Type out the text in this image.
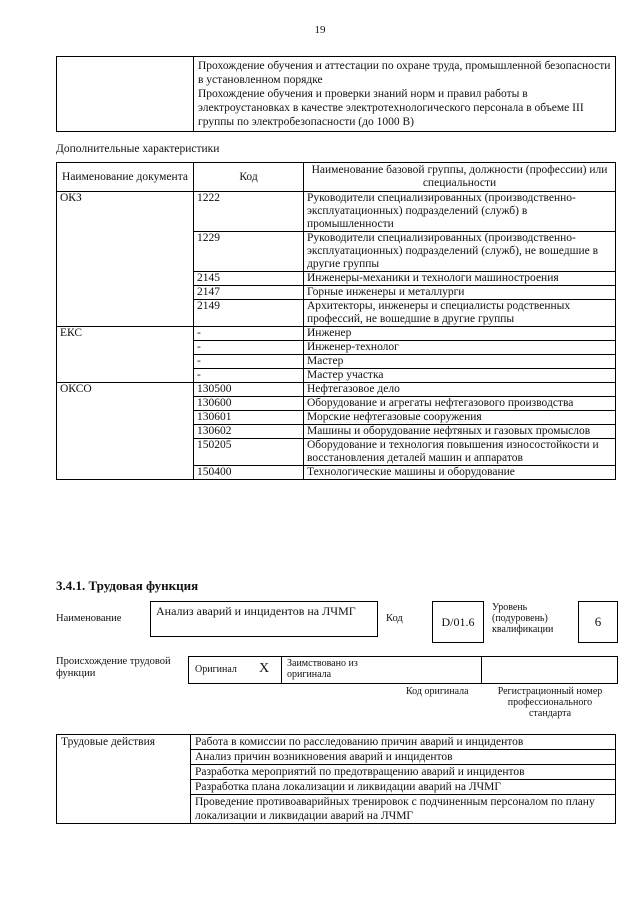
19

Прохождение обучения и аттестации по охране труда, промышленной безопасности в установленном порядке
Прохождение обучения и проверки знаний норм и правил работы в электроустановках в качестве электротехнологического персонала в объеме III группы по электробезопасности (до 1000 В)
Дополнительные характеристики
Наименование документа	Код	Наименование базовой группы, должности (профессии) или специальности
ОКЗ	1222	Руководители специализированных (производственно-эксплуатационных) подразделений (служб) в промышленности
	1229	Руководители специализированных (производственно-эксплуатационных) подразделений (служб), не вошедшие в другие группы
	2145	Инженеры-механики и технологи машиностроения
	2147	Горные инженеры и металлурги
	2149	Архитекторы, инженеры и специалисты родственных профессий, не вошедшие в другие группы
ЕКС	-	Инженер
	-	Инженер-технолог
	-	Мастер
	-	Мастер участка
ОКСО	130500	Нефтегазовое дело
	130600	Оборудование и агрегаты нефтегазового производства
	130601	Морские нефтегазовые сооружения
	130602	Машины и оборудование нефтяных и газовых промыслов
	150205	Оборудование и технология повышения износостойкости и восстановления деталей машин и аппаратов
	150400	Технологические машины и оборудование
3.4.1. Трудовая функция
Наименование
Анализ аварий и инцидентов на ЛЧМГ
Код	D/01.6
Уровень (подуровень) квалификации
6
Происхождение трудовой функции	Оригинал X Заимствовано из оригинала
Код оригинала	Регистрационный номер профессионального стандарта
Трудовые действия	Работа в комиссии по расследованию причин аварий и инцидентов
Анализ причин возникновения аварий и инцидентов
Разработка мероприятий по предотвращению аварий и инцидентов
Разработка плана локализации и ликвидации аварий на ЛЧМГ
Проведение противоаварийных тренировок с подчиненным персоналом по плану локализации и ликвидации аварий на ЛЧМГ
